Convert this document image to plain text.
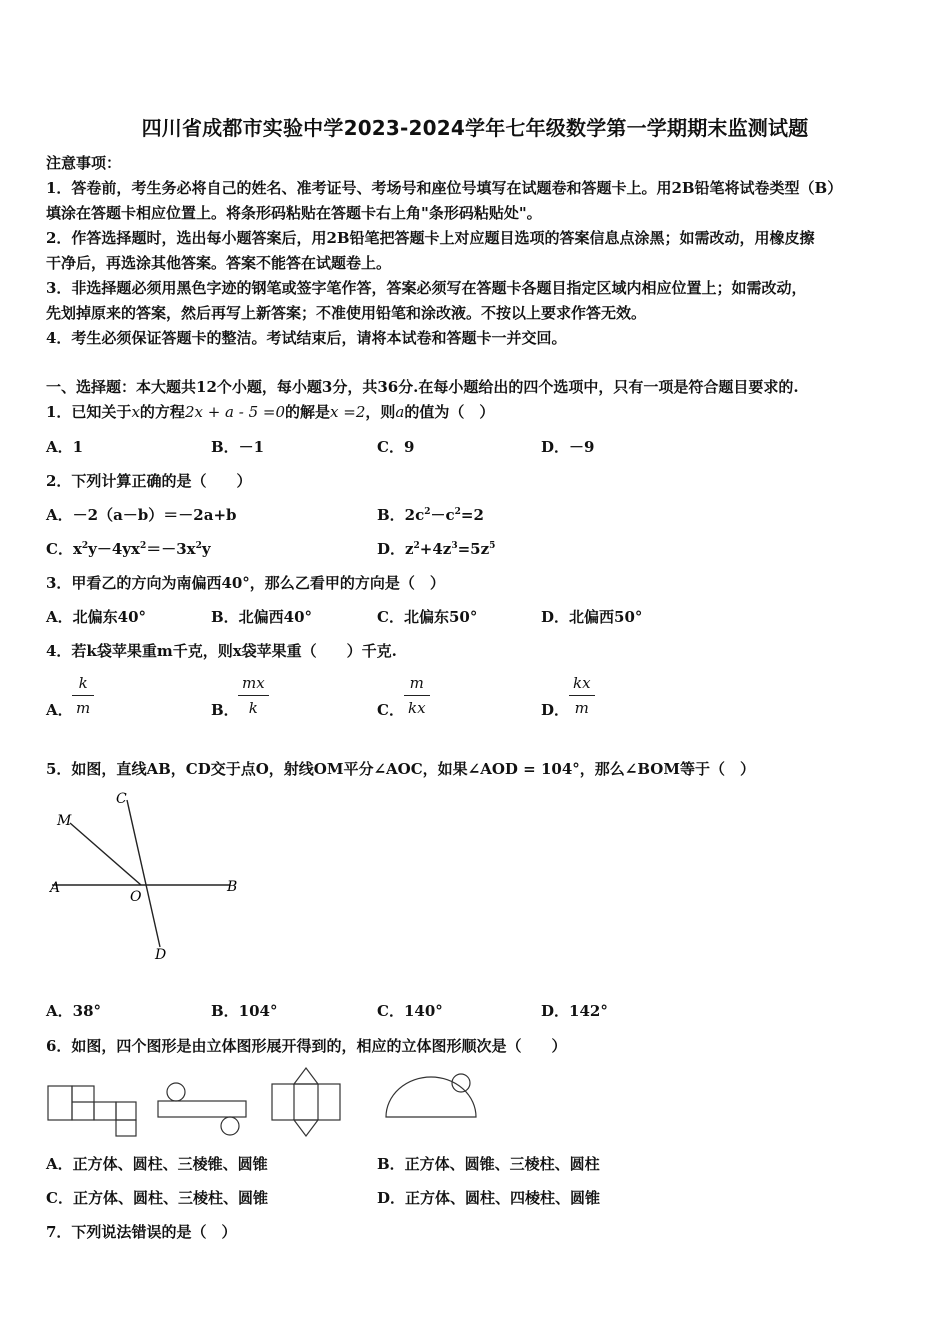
四川省成都市实验中学2023-2024学年七年级数学第一学期期末监测试题
注意事项：
1．答卷前，考生务必将自己的姓名、准考证号、考场号和座位号填写在试题卷和答题卡上。用2B铅笔将试卷类型（B）
填涂在答题卡相应位置上。将条形码粘贴在答题卡右上角"条形码粘贴处"。
2．作答选择题时，选出每小题答案后，用2B铅笔把答题卡上对应题目选项的答案信息点涂黑；如需改动，用橡皮擦
干净后，再选涂其他答案。答案不能答在试题卷上。
3．非选择题必须用黑色字迹的钢笔或签字笔作答，答案必须写在答题卡各题目指定区域内相应位置上；如需改动，
先划掉原来的答案，然后再写上新答案；不准使用铅笔和涂改液。不按以上要求作答无效。
4．考生必须保证答题卡的整洁。考试结束后，请将本试卷和答题卡一并交回。
一、选择题：本大题共12个小题，每小题3分，共36分.在每小题给出的四个选项中，只有一项是符合题目要求的.
1．已知关于x的方程2x + a - 5 =0的解是x =2，则a的值为（　）
A．1	B．－1	C．9	D．－9
2．下列计算正确的是（　　）
A．－2（a－b）＝－2a+b	B．$2c^2-c^2=2$
C．$x^2y-4yx^2=-3x^2y$	D．$z^2+4z^3=5z^5$
3．甲看乙的方向为南偏西40°，那么乙看甲的方向是（　）
A．北偏东40°	B．北偏西40°	C．北偏东50°	D．北偏西50°
4．若k袋苹果重m千克，则x袋苹果重（　　）千克.
A．
k
m	B．
mx
k	C．
m
kx	D．
kx
m
5．如图，直线AB，CD交于点O，射线OM平分∠AOC，如果∠AOD = 104°，那么∠BOM等于（　）
C
M
A
O
B
D
A．38°	B．104°	C．140°	D．142°
6．如图，四个图形是由立体图形展开得到的，相应的立体图形顺次是（　　）
A．正方体、圆柱、三棱锥、圆锥	B．正方体、圆锥、三棱柱、圆柱
C．正方体、圆柱、三棱柱、圆锥	D．正方体、圆柱、四棱柱、圆锥
7．下列说法错误的是（　）
